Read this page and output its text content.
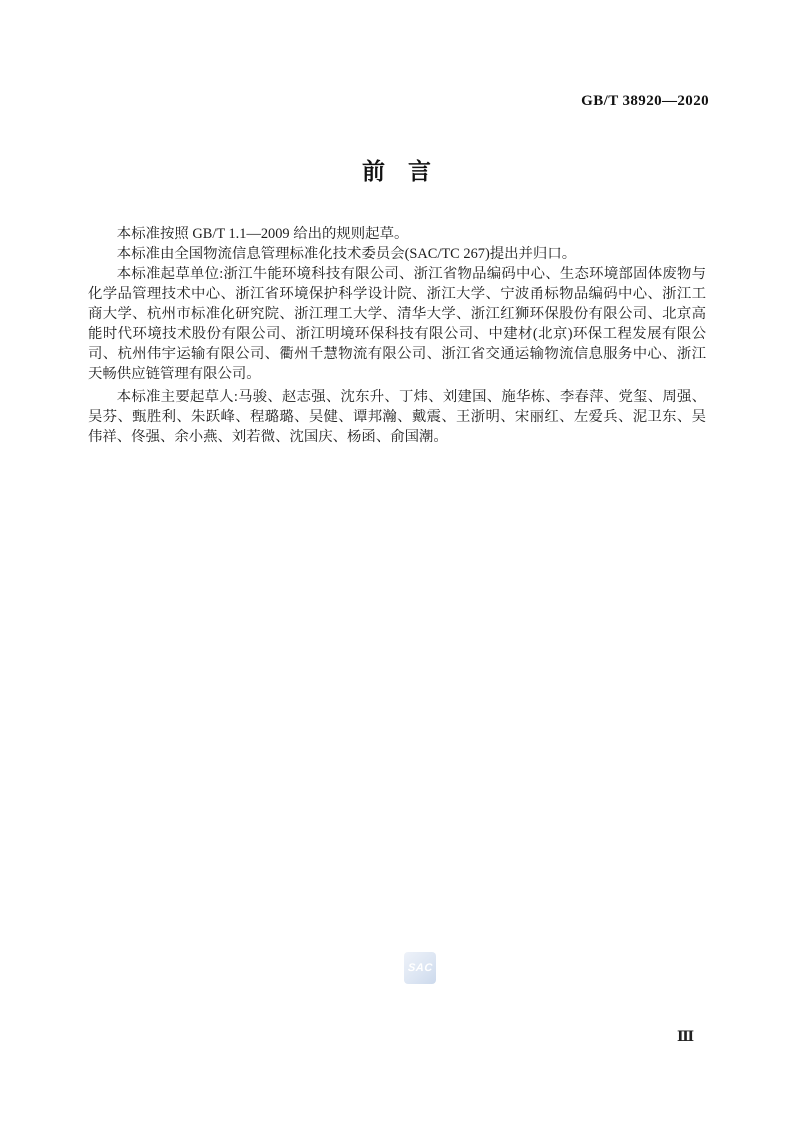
GB/T 38920—2020
前　言

本标准按照 GB/T 1.1—2009 给出的规则起草。

本标准由全国物流信息管理标准化技术委员会(SAC/TC 267)提出并归口。

本标准起草单位:浙江牛能环境科技有限公司、浙江省物品编码中心、生态环境部固体废物与化学品管理技术中心、浙江省环境保护科学设计院、浙江大学、宁波甬标物品编码中心、浙江工商大学、杭州市标准化研究院、浙江理工大学、清华大学、浙江红狮环保股份有限公司、北京高能时代环境技术股份有限公司、浙江明境环保科技有限公司、中建材(北京)环保工程发展有限公司、杭州伟宇运输有限公司、衢州千慧物流有限公司、浙江省交通运输物流信息服务中心、浙江天畅供应链管理有限公司。

本标准主要起草人:马骏、赵志强、沈东升、丁炜、刘建国、施华栋、李春萍、党玺、周强、吴芬、甄胜利、朱跃峰、程璐璐、吴健、谭邦瀚、戴震、王浙明、宋丽红、左爱兵、泥卫东、吴伟祥、佟强、余小燕、刘若微、沈国庆、杨函、俞国潮。

SAC
Ⅲ
